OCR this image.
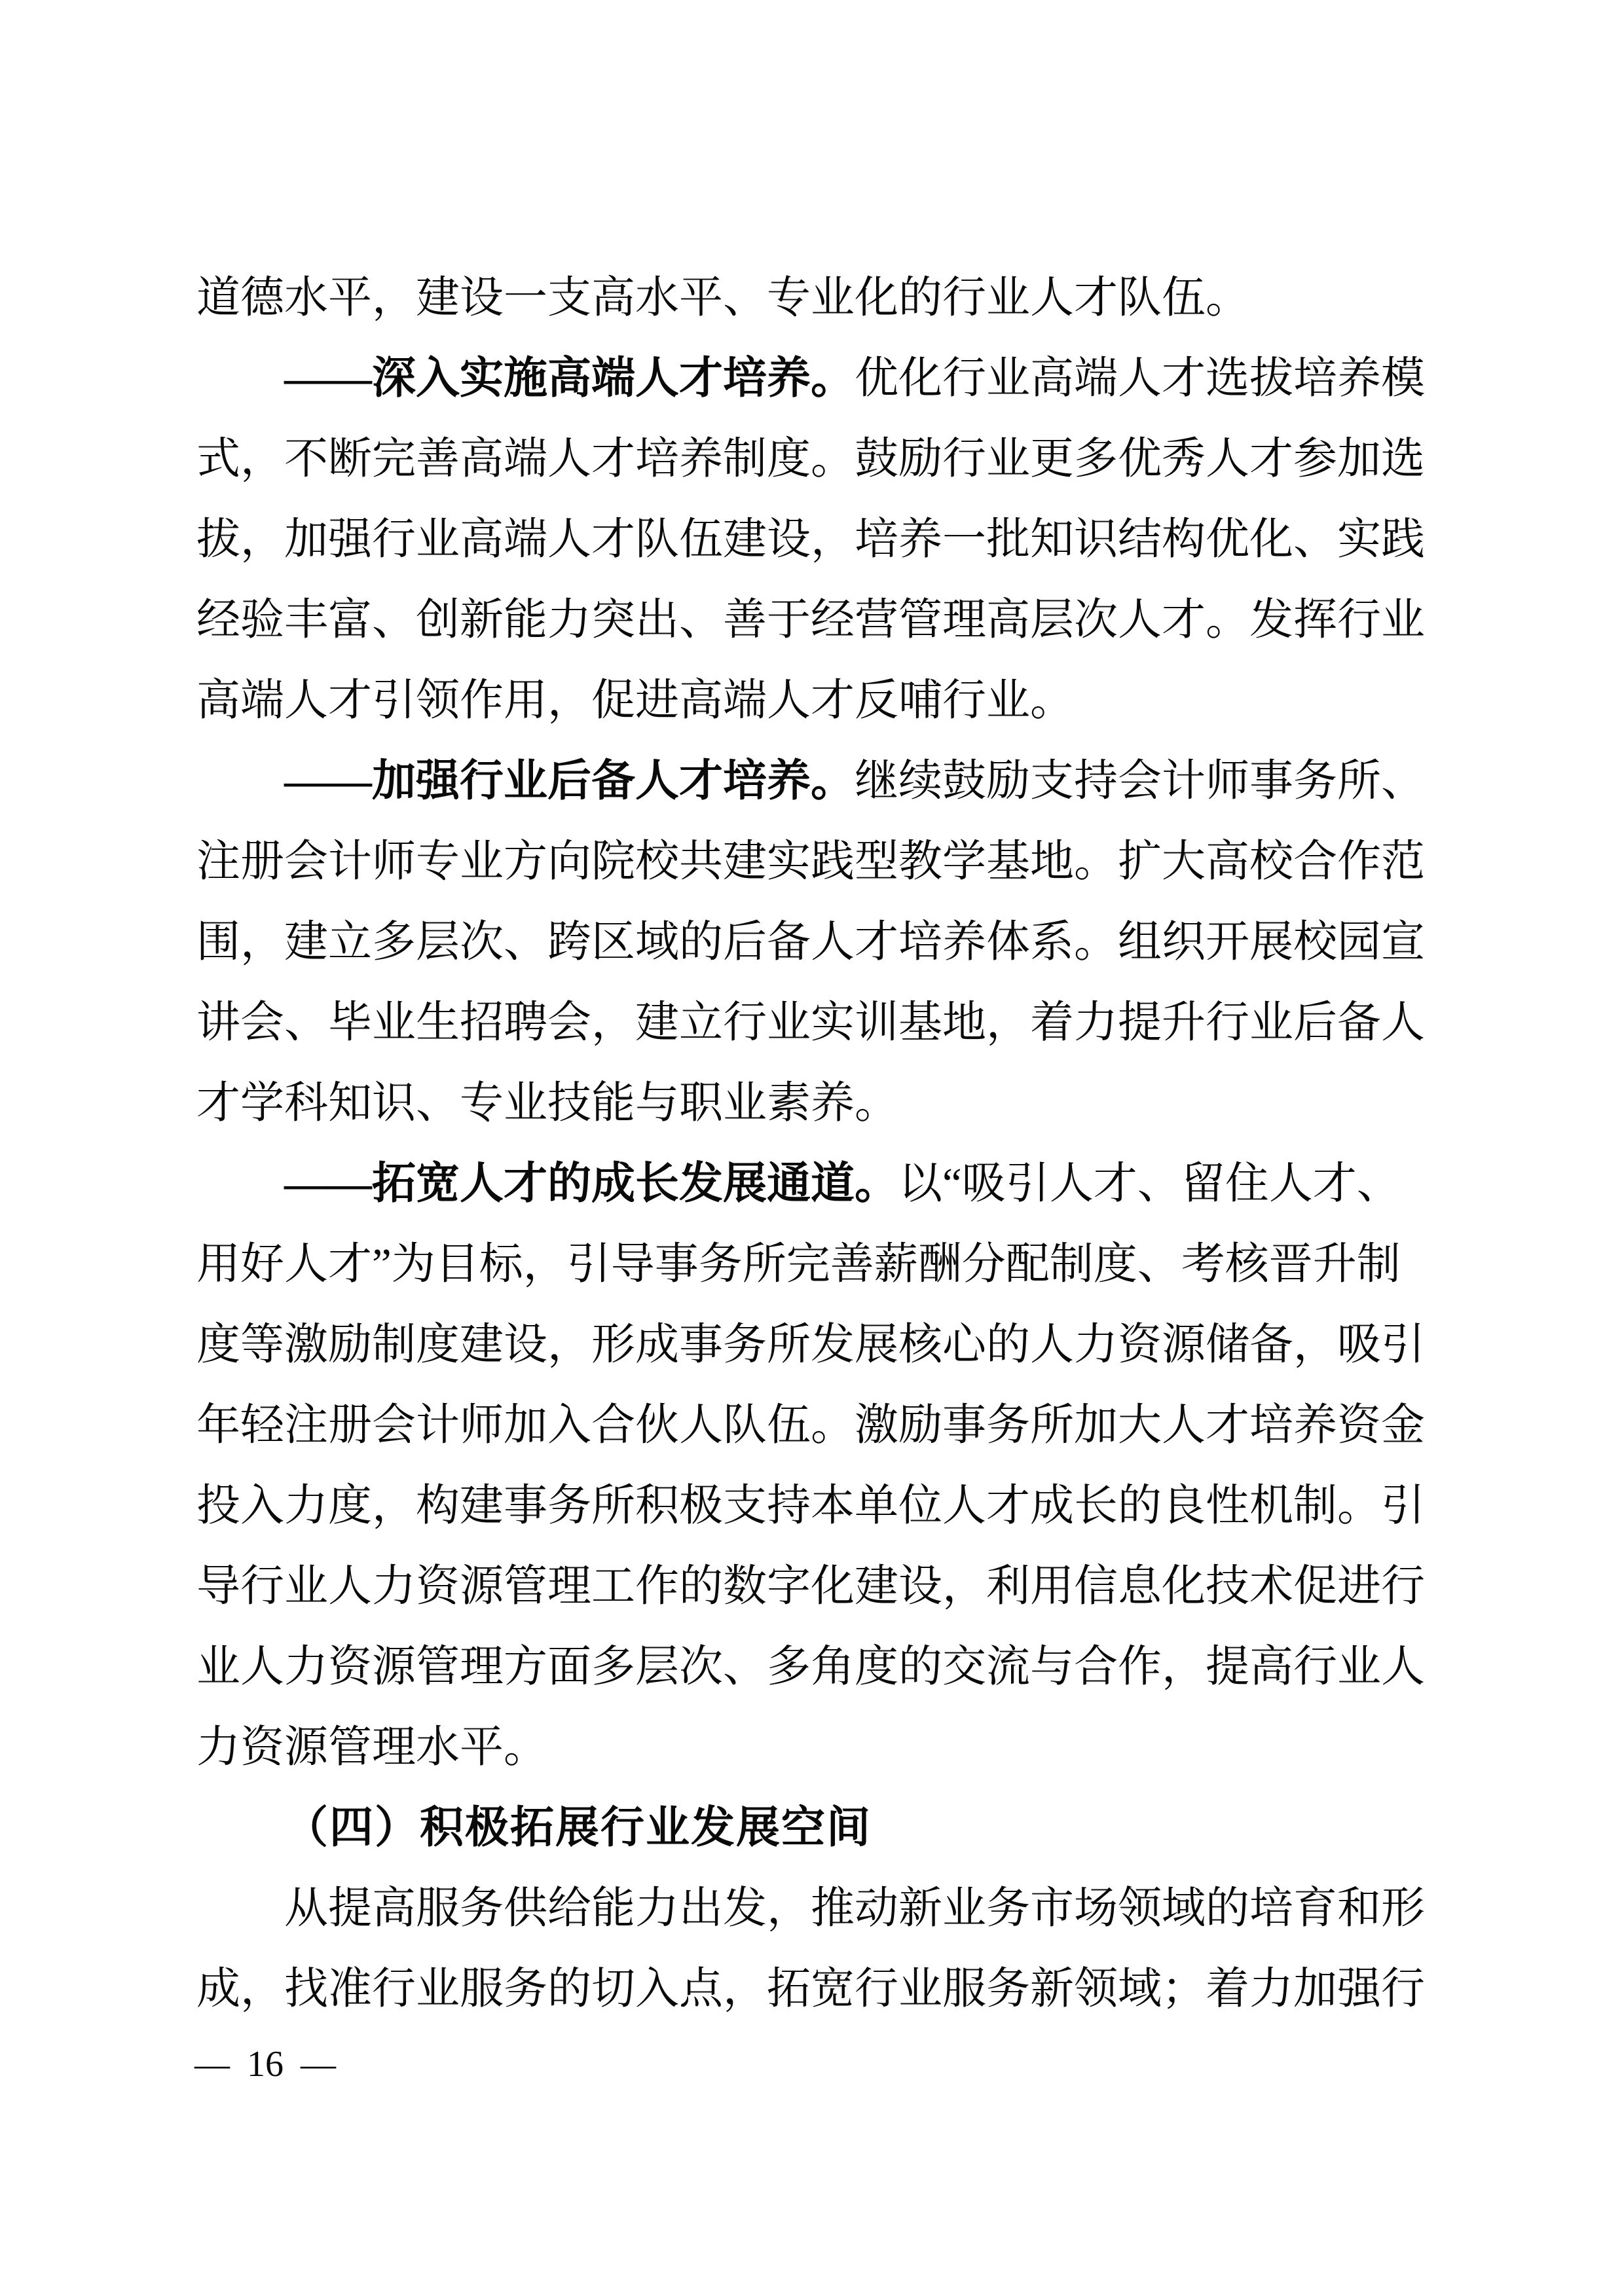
道德水平，建设一支高水平、专业化的行业人才队伍。
——深入实施高端人才培养。优化行业高端人才选拔培养模
式，不断完善高端人才培养制度。鼓励行业更多优秀人才参加选
拔，加强行业高端人才队伍建设，培养一批知识结构优化、实践
经验丰富、创新能力突出、善于经营管理高层次人才。发挥行业
高端人才引领作用，促进高端人才反哺行业。
——加强行业后备人才培养。继续鼓励支持会计师事务所、
注册会计师专业方向院校共建实践型教学基地。扩大高校合作范
围，建立多层次、跨区域的后备人才培养体系。组织开展校园宣
讲会、毕业生招聘会，建立行业实训基地，着力提升行业后备人
才学科知识、专业技能与职业素养。
——拓宽人才的成长发展通道。以“吸引人才、留住人才、
用好人才”为目标，引导事务所完善薪酬分配制度、考核晋升制
度等激励制度建设，形成事务所发展核心的人力资源储备，吸引
年轻注册会计师加入合伙人队伍。激励事务所加大人才培养资金
投入力度，构建事务所积极支持本单位人才成长的良性机制。引
导行业人力资源管理工作的数字化建设，利用信息化技术促进行
业人力资源管理方面多层次、多角度的交流与合作，提高行业人
力资源管理水平。
（四）积极拓展行业发展空间
从提高服务供给能力出发，推动新业务市场领域的培育和形
成，找准行业服务的切入点，拓宽行业服务新领域；着力加强行
— 16 —
